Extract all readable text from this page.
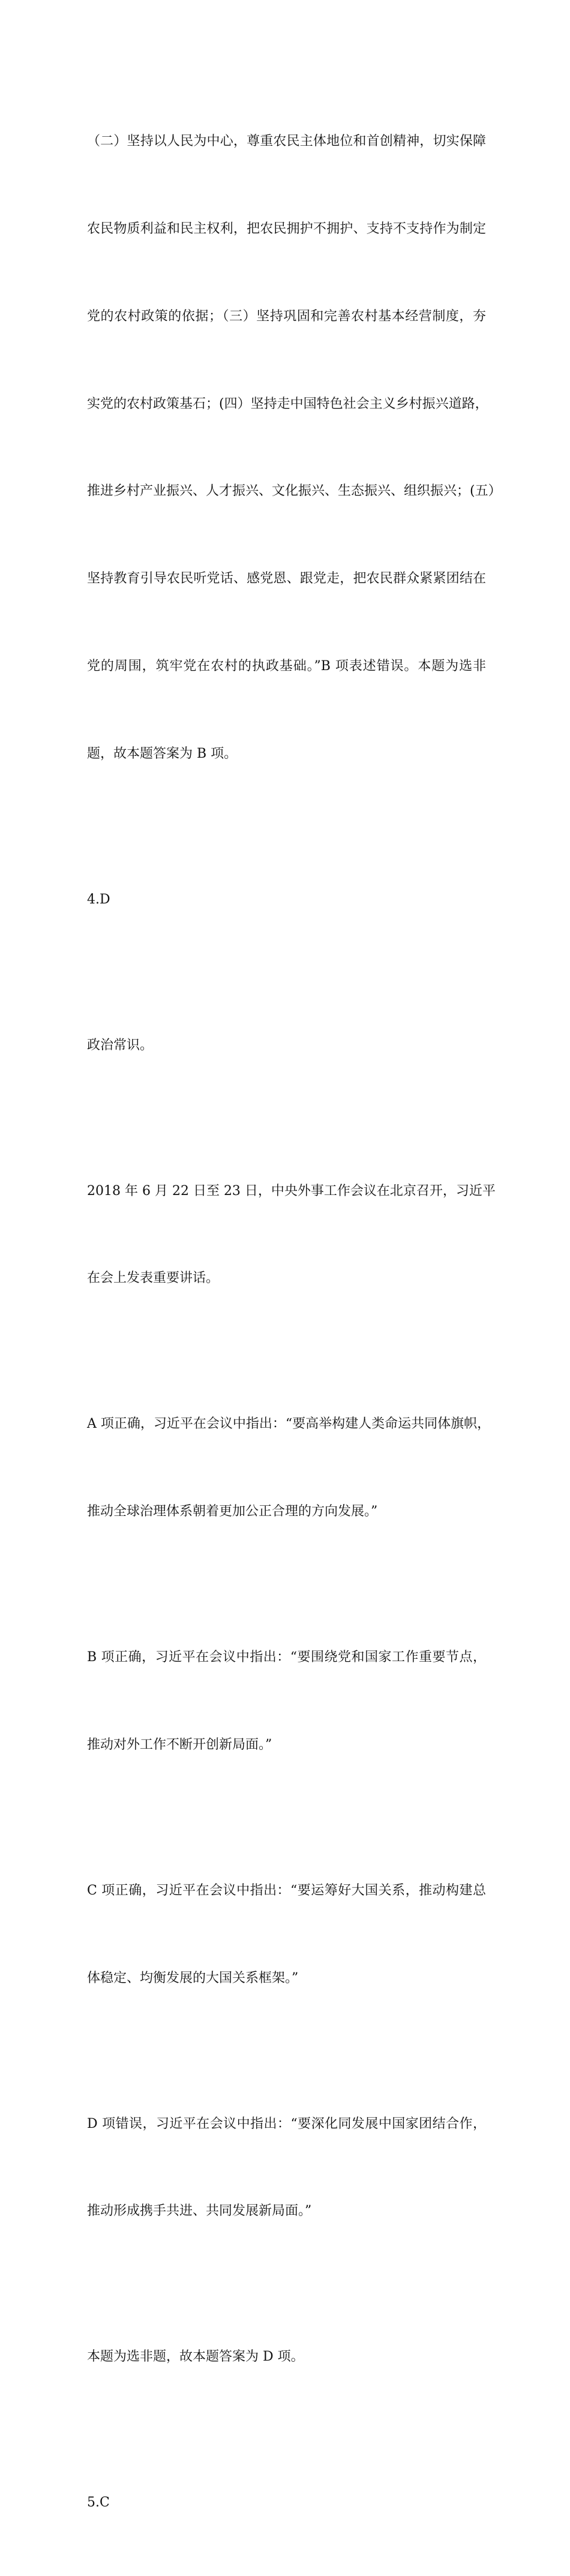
（二）坚持以人民为中心，尊重农民主体地位和首创精神，切实保障

农民物质利益和民主权利，把农民拥护不拥护、支持不支持作为制定

党的农村政策的依据；（三）坚持巩固和完善农村基本经营制度，夯

实党的农村政策基石；(四）坚持走中国特色社会主义乡村振兴道路，

推进乡村产业振兴、人才振兴、文化振兴、生态振兴、组织振兴；(五）

坚持教育引导农民听党话、感党恩、跟党走，把农民群众紧紧团结在

党的周围，筑牢党在农村的执政基础。”B 项表述错误。本题为选非

题，故本题答案为 B 项。

4.D

政治常识。

2018 年 6 月 22 日至 23 日，中央外事工作会议在北京召开，习近平

在会上发表重要讲话。

A 项正确，习近平在会议中指出：“要高举构建人类命运共同体旗帜，

推动全球治理体系朝着更加公正合理的方向发展。”

B 项正确，习近平在会议中指出：“要围绕党和国家工作重要节点，

推动对外工作不断开创新局面。”

C 项正确，习近平在会议中指出：“要运筹好大国关系，推动构建总

体稳定、均衡发展的大国关系框架。”

D 项错误，习近平在会议中指出：“要深化同发展中国家团结合作，

推动形成携手共进、共同发展新局面。”

本题为选非题，故本题答案为 D 项。

5.C
